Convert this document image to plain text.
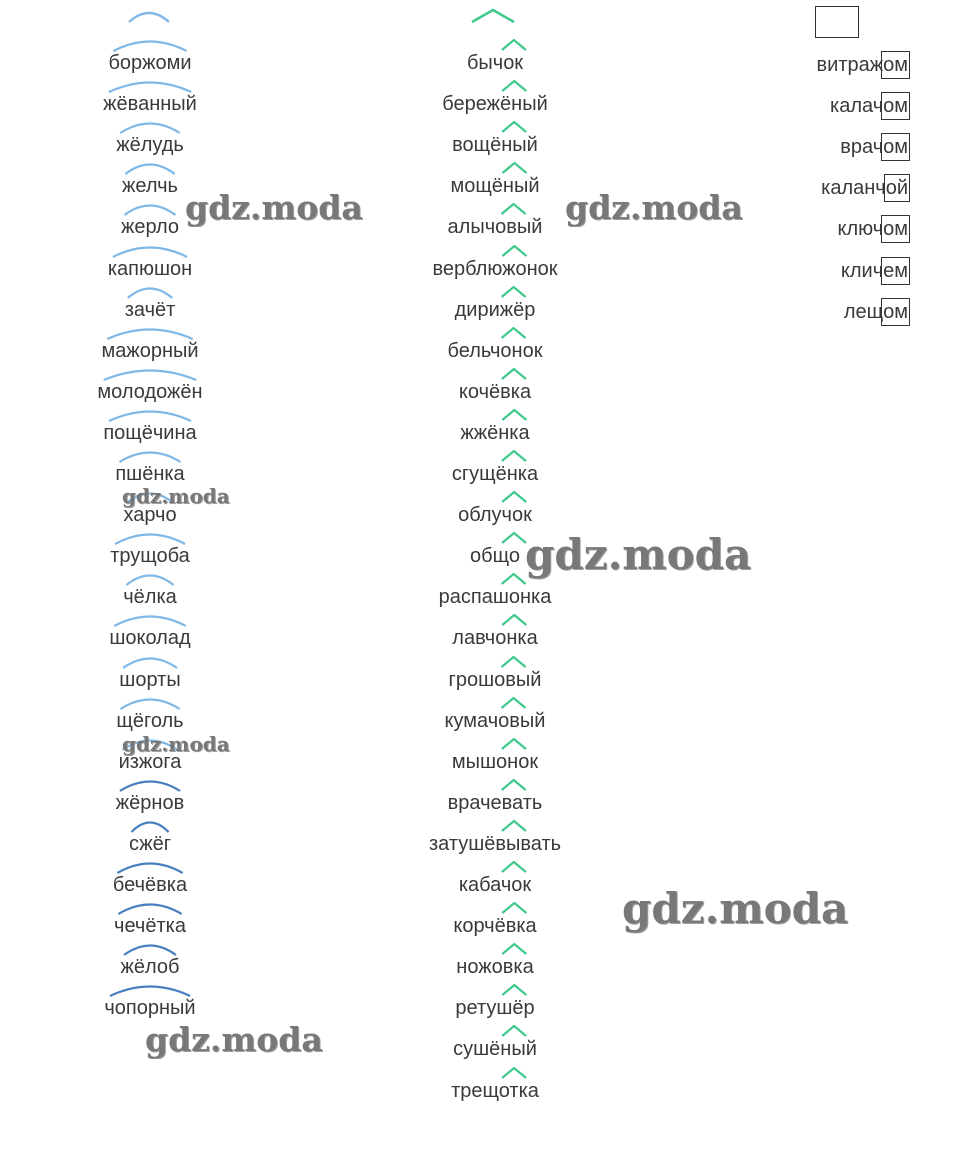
боржоми
жёванный
жёлудь
желчь
жерло
капюшон
зачёт
мажорный
молодожён
пощёчина
пшёнка
харчо
трущоба
чёлка
шоколад
шорты
щёголь
изжога
жёрнов
сжёг
бечёвка
чечётка
жёлоб
чопорный
бычок
бережёный
вощёный
мощёный
алычовый
верблюжонок
дирижёр
бельчонок
кочёвка
жжёнка
сгущёнка
облучок
общо
распашонка
лавчонка
грошовый
кумачовый
мышонок
врачевать
затушёвывать
кабачок
корчёвка
ножовка
ретушёр
сушёный
трещотка
витражом
калачом
врачом
каланчой
ключом
кличем
лещом
gdz.moda	gdz.moda
gdz.moda
gdz.moda
gdz.moda
gdz.moda
gdz.moda
